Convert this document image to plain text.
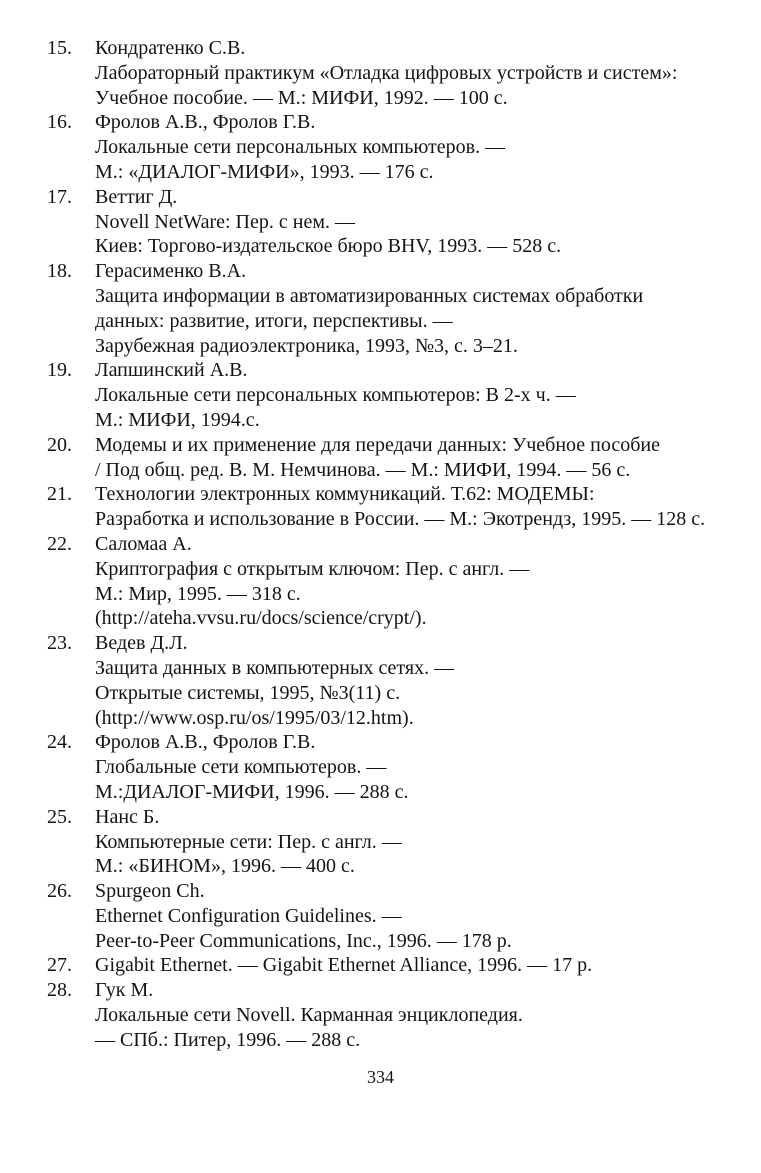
15.	Кондратенко С.В.
Лабораторный практикум «Отладка цифровых устройств и систем»:
Учебное пособие. — М.: МИФИ, 1992. — 100 с.
16.	Фролов А.В., Фролов Г.В.
Локальные сети персональных компьютеров. —
М.: «ДИАЛОГ-МИФИ», 1993. — 176 с.
17.	Веттиг Д.
Novell NetWare: Пер. с нем. —
Киев: Торгово-издательское бюро BHV, 1993. — 528 с.
18.	Герасименко В.А.
Защита информации в автоматизированных системах обработки
данных: развитие, итоги, перспективы. —
Зарубежная радиоэлектроника, 1993, №3, с. 3–21.
19.	Лапшинский А.В.
Локальные сети персональных компьютеров: В 2-х ч. —
М.: МИФИ, 1994.с.
20.	Модемы и их применение для передачи данных: Учебное пособие
/ Под общ. ред. В. М. Немчинова. — М.: МИФИ, 1994. — 56 с.
21.	Технологии электронных коммуникаций. Т.62: МОДЕМЫ:
Разработка и использование в России. — М.: Экотрендз, 1995. — 128 с.
22.	Саломаа А.
Криптография с открытым ключом: Пер. с англ. —
М.: Мир, 1995. — 318 с.
(http://ateha.vvsu.ru/docs/science/crypt/).
23.	Ведев Д.Л.
Защита данных в компьютерных сетях. —
Открытые системы, 1995, №3(11) с.
(http://www.osp.ru/os/1995/03/12.htm).
24.	Фролов А.В., Фролов Г.В.
Глобальные сети компьютеров. —
М.:ДИАЛОГ-МИФИ, 1996. — 288 с.
25.	Нанс Б.
Компьютерные сети: Пер. с англ. —
М.: «БИНОМ», 1996. — 400 с.
26.	Spurgeon Ch.
Ethernet Configuration Guidelines. —
Peer-to-Peer Communications, Inc., 1996. — 178 p.
27.	Gigabit Ethernet. — Gigabit Ethernet Alliance, 1996. — 17 p.
28.	Гук М.
Локальные сети Novell. Карманная энциклопедия.
— СПб.: Питер, 1996. — 288 с.
334
